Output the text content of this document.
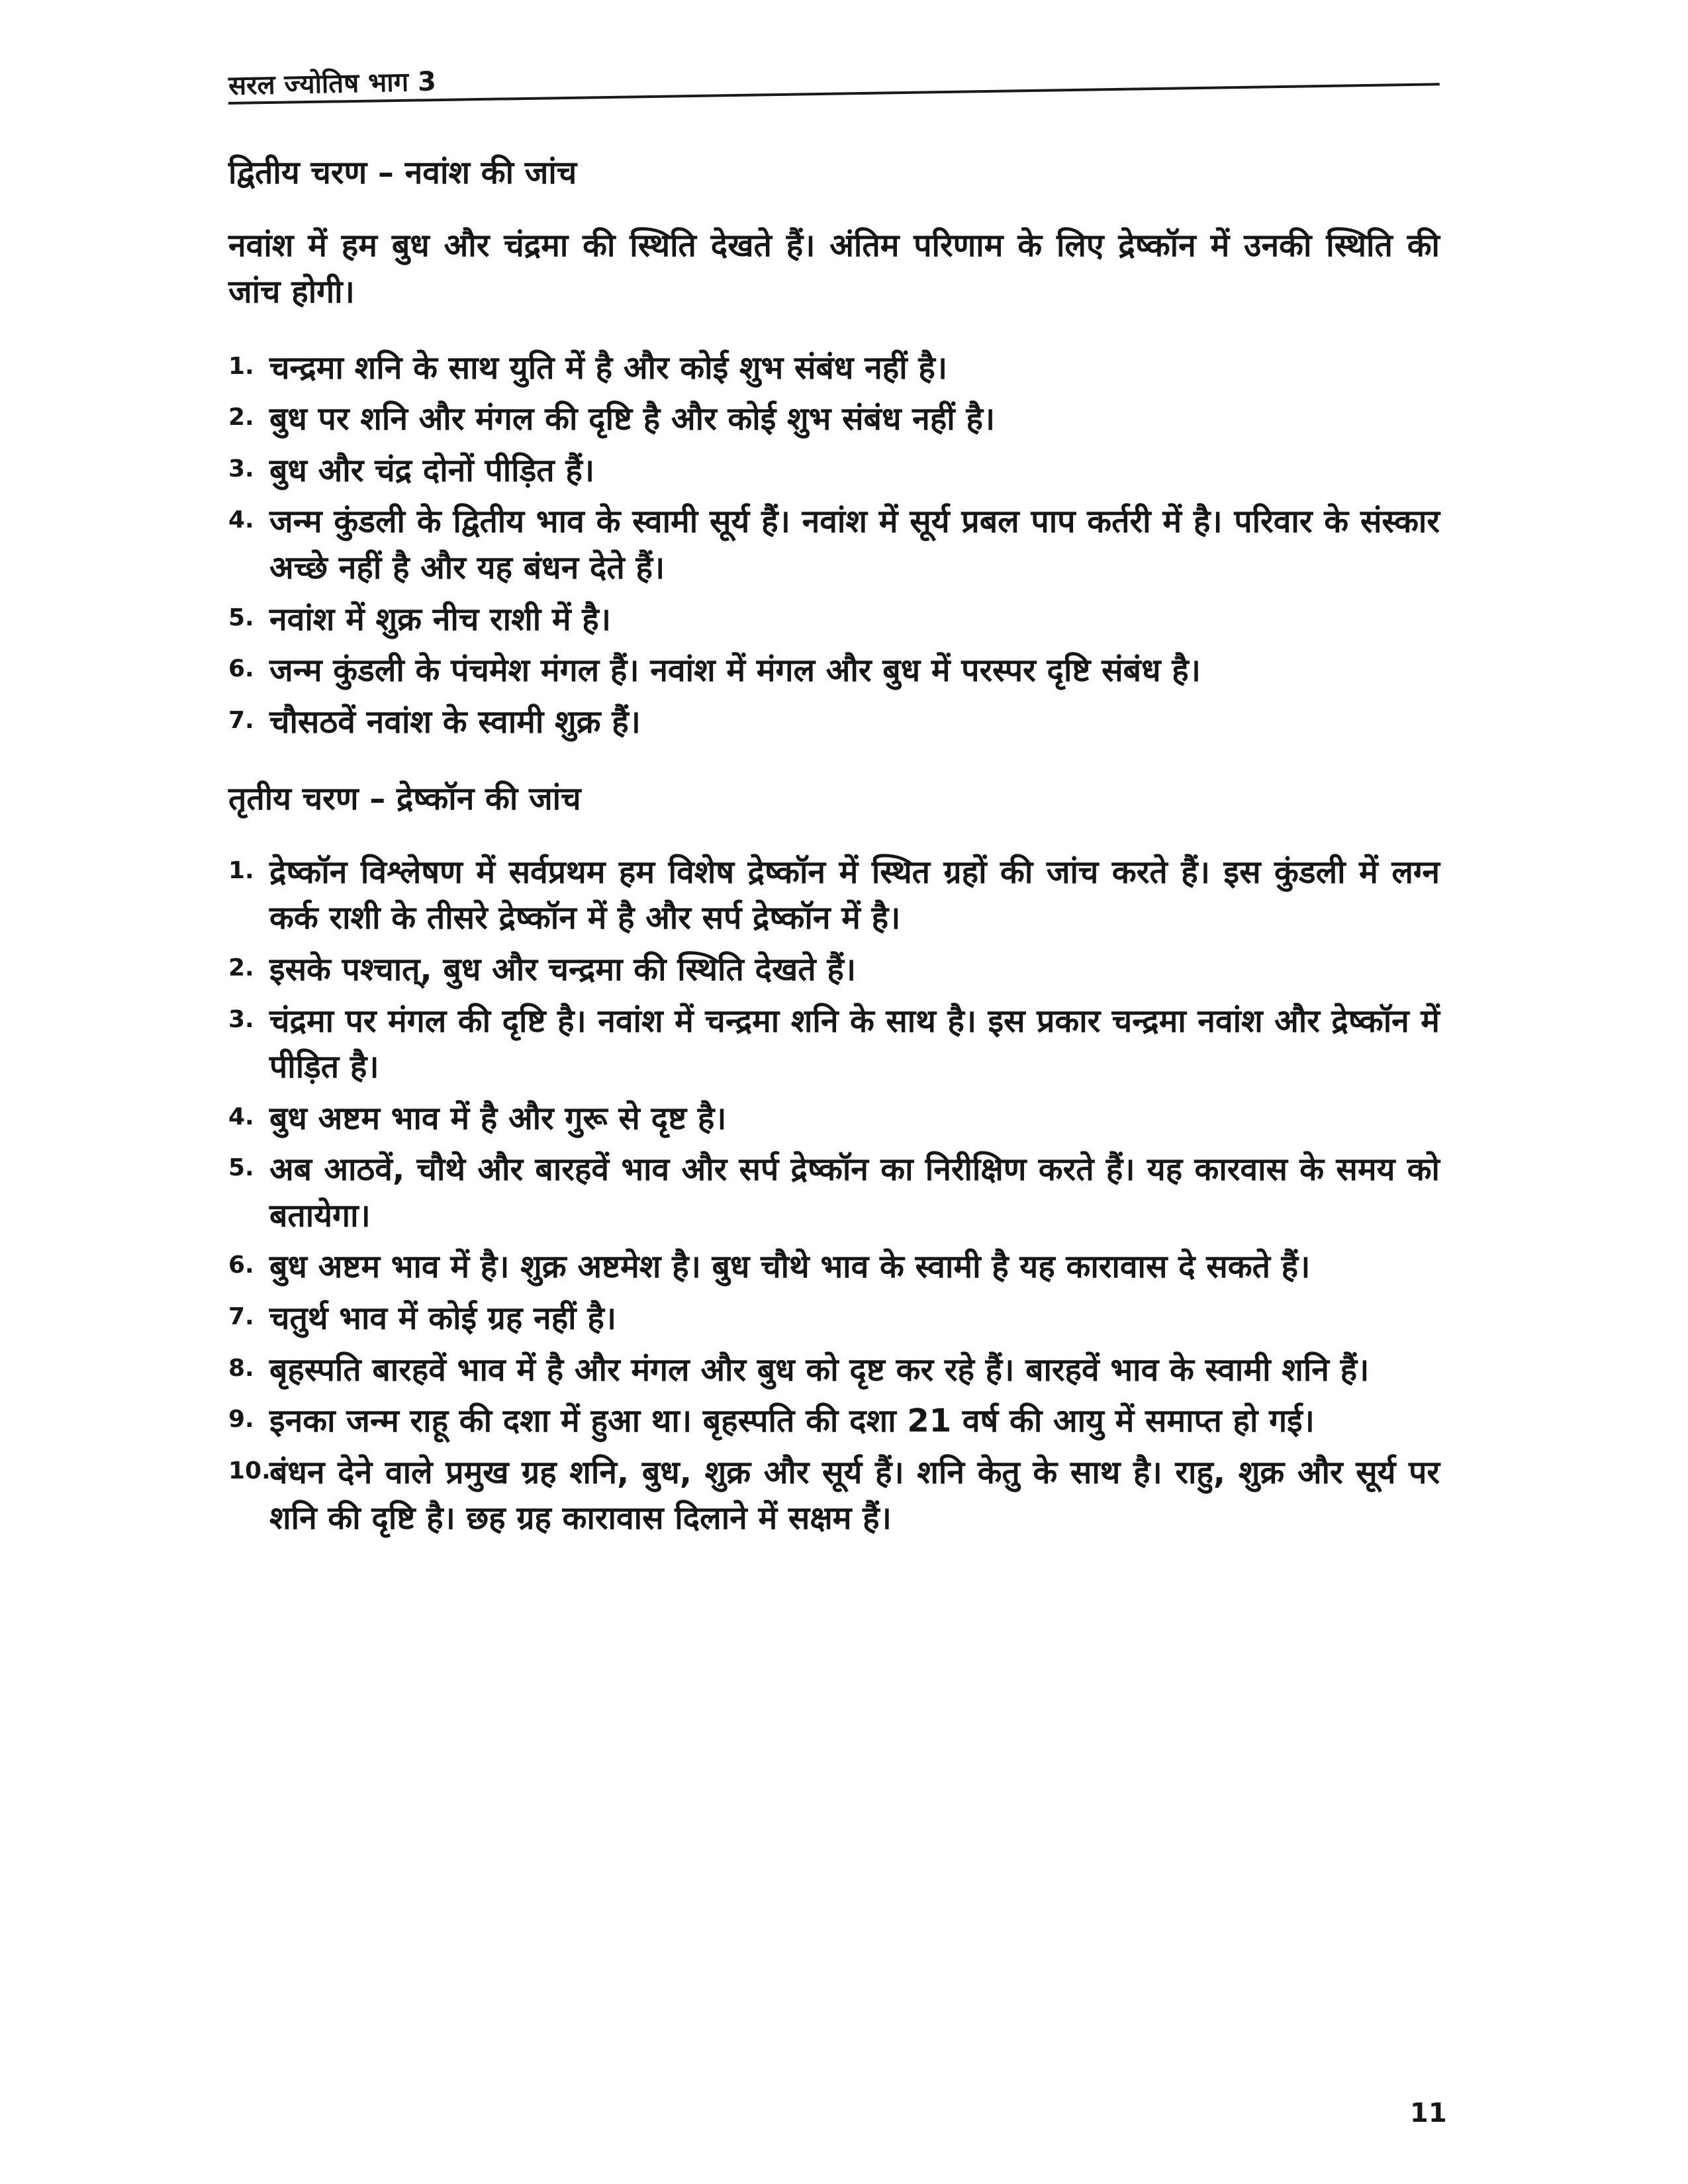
सरल ज्योतिष भाग 3
द्वितीय चरण – नवांश की जांच

नवांश में हम बुध और चंद्रमा की स्थिति देखते हैं। अंतिम परिणाम के लिए द्रेष्कॉन में उनकी स्थिति की जांच होगी।

1. चन्द्रमा शनि के साथ युति में है और कोई शुभ संबंध नहीं है।
2. बुध पर शनि और मंगल की दृष्टि है और कोई शुभ संबंध नहीं है।
3. बुध और चंद्र दोनों पीड़ित हैं।
4. जन्म कुंडली के द्वितीय भाव के स्वामी सूर्य हैं। नवांश में सूर्य प्रबल पाप कर्तरी में है। परिवार के संस्कार अच्छे नहीं है और यह बंधन देते हैं।
5. नवांश में शुक्र नीच राशी में है।
6. जन्म कुंडली के पंचमेश मंगल हैं। नवांश में मंगल और बुध में परस्पर दृष्टि संबंध है।
7. चौसठवें नवांश के स्वामी शुक्र हैं।
तृतीय चरण – द्रेष्कॉन की जांच
1. द्रेष्कॉन विश्लेषण में सर्वप्रथम हम विशेष द्रेष्कॉन में स्थित ग्रहों की जांच करते हैं। इस कुंडली में लग्न कर्क राशी के तीसरे द्रेष्कॉन में है और सर्प द्रेष्कॉन में है।
2. इसके पश्चात्, बुध और चन्द्रमा की स्थिति देखते हैं।
3. चंद्रमा पर मंगल की दृष्टि है। नवांश में चन्द्रमा शनि के साथ है। इस प्रकार चन्द्रमा नवांश और द्रेष्कॉन में पीड़ित है।
4. बुध अष्टम भाव में है और गुरू से दृष्ट है।
5. अब आठवें, चौथे और बारहवें भाव और सर्प द्रेष्कॉन का निरीक्षिण करते हैं। यह कारवास के समय को बतायेगा।
6. बुध अष्टम भाव में है। शुक्र अष्टमेश है। बुध चौथे भाव के स्वामी है यह कारावास दे सकते हैं।
7. चतुर्थ भाव में कोई ग्रह नहीं है।
8. बृहस्पति बारहवें भाव में है और मंगल और बुध को दृष्ट कर रहे हैं। बारहवें भाव के स्वामी शनि हैं।
9. इनका जन्म राहू की दशा में हुआ था। बृहस्पति की दशा 21 वर्ष की आयु में समाप्त हो गई।
10.
बंधन देने वाले प्रमुख ग्रह शनि, बुध, शुक्र और सूर्य हैं। शनि केतु के साथ है। राहु, शुक्र और सूर्य पर शनि की दृष्टि है। छह ग्रह कारावास दिलाने में सक्षम हैं।
11
